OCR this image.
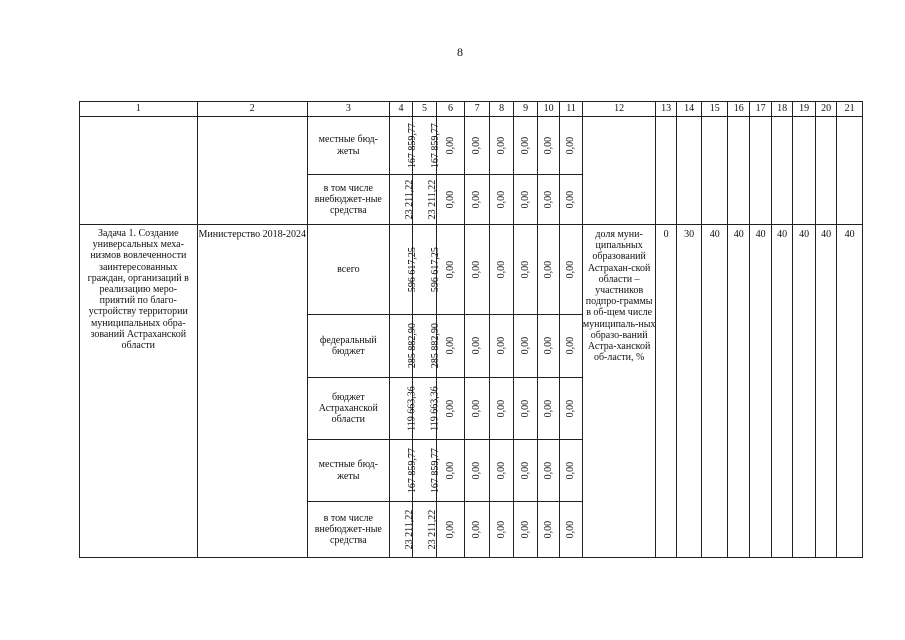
8
1	2	3	4	5	6	7	8	9	10	11	12	13	14	15	16	17	18	19	20	21
		местные бюд-жеты	167 859,77	167 859,77	0,00	0,00	0,00	0,00	0,00	0,00										
		в том числе внебюджет-ные средства	23 211,22	23 211,22	0,00	0,00	0,00	0,00	0,00	0,00										
Задача 1. Создание универсальных меха-низмов вовлеченности заинтересованных граждан, организаций в реализацию меро-приятий по благо-устройству территории муниципальных обра-зований Астраханской области	Министерство 2018-2024	всего	596 617,25	596 617,25	0,00	0,00	0,00	0,00	0,00	0,00	доля муни-ципальных образований Астрахан-ской области – участников подпро-граммы в об-щем числе муниципаль-ных образо-ваний Астра-ханской об-ласти, %	0	30	40	40	40	40	40	40	40
		федеральный бюджет	285 882,90	285 882,90	0,00	0,00	0,00	0,00	0,00	0,00										
		бюджет Астраханской области	119 663,36	119 663,36	0,00	0,00	0,00	0,00	0,00	0,00										
		местные бюд-жеты	167 859,77	167 859,77	0,00	0,00	0,00	0,00	0,00	0,00										
		в том числе внебюджет-ные средства	23 211,22	23 211,22	0,00	0,00	0,00	0,00	0,00	0,00										
